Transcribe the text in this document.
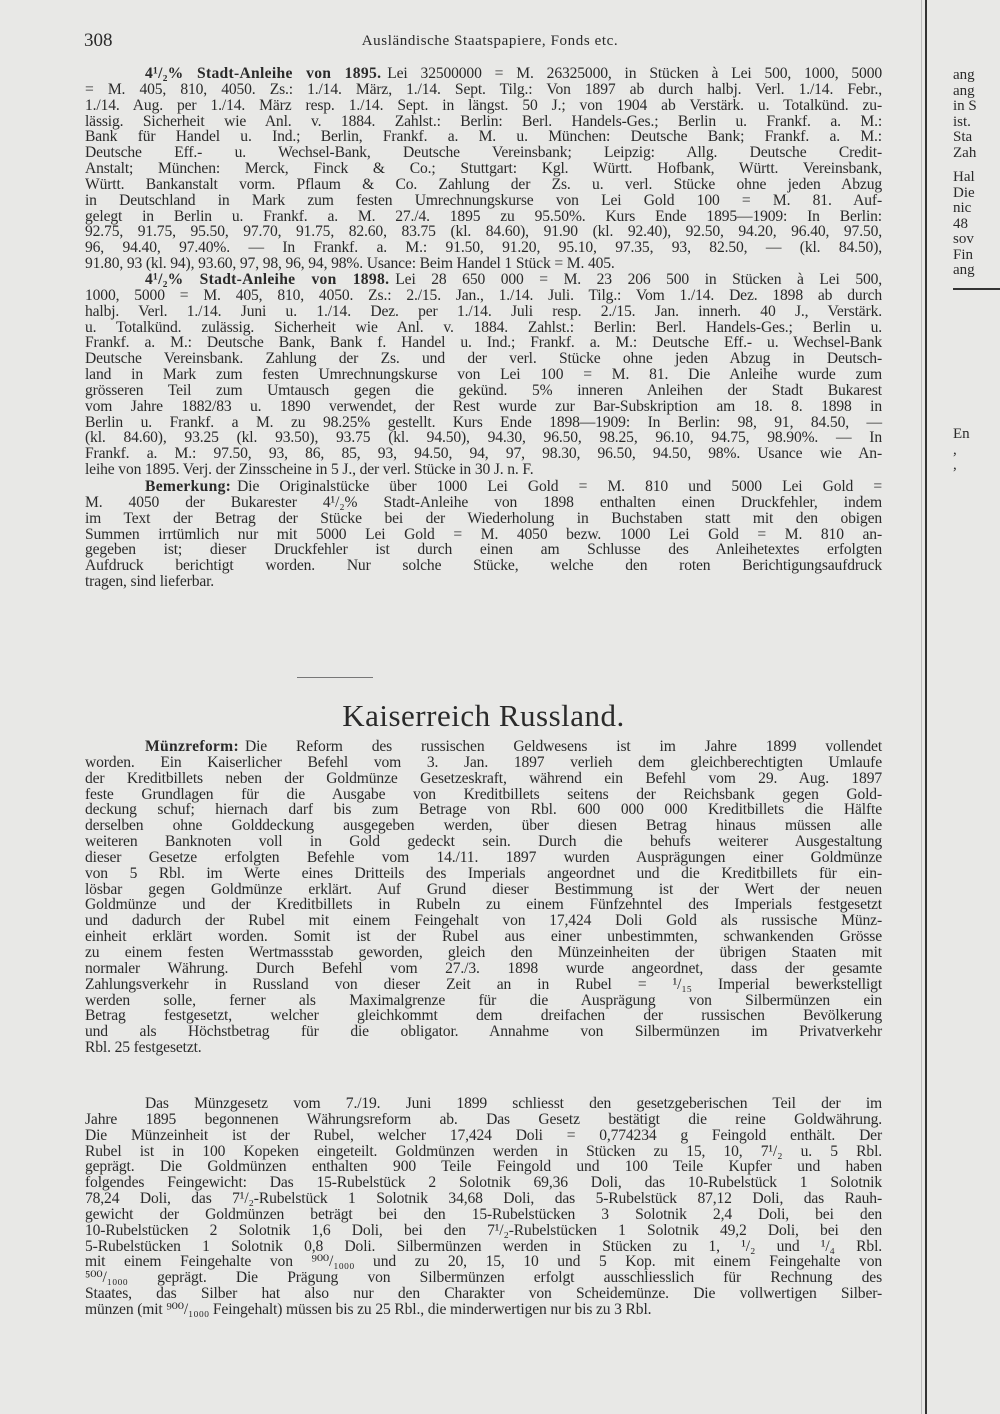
308	Ausländische Staatspapiere, Fonds etc.
4¹/₂% Stadt-Anleihe von 1895. Lei 32500000 = M. 26325000, in Stücken à Lei 500, 1000, 5000
= M. 405, 810, 4050. Zs.: 1./14. März, 1./14. Sept. Tilg.: Von 1897 ab durch halbj. Verl. 1./14. Febr.,
1./14. Aug. per 1./14. März resp. 1./14. Sept. in längst. 50 J.; von 1904 ab Verstärk. u. Totalkünd. zu-
lässig. Sicherheit wie Anl. v. 1884. Zahlst.: Berlin: Berl. Handels-Ges.; Berlin u. Frankf. a. M.:
Bank für Handel u. Ind.; Berlin, Frankf. a. M. u. München: Deutsche Bank; Frankf. a. M.:
Deutsche Eff.- u. Wechsel-Bank, Deutsche Vereinsbank; Leipzig: Allg. Deutsche Credit-
Anstalt; München: Merck, Finck & Co.; Stuttgart: Kgl. Württ. Hofbank, Württ. Vereinsbank,
Württ. Bankanstalt vorm. Pflaum & Co. Zahlung der Zs. u. verl. Stücke ohne jeden Abzug
in Deutschland in Mark zum festen Umrechnungskurse von Lei Gold 100 = M. 81. Auf-
gelegt in Berlin u. Frankf. a. M. 27./4. 1895 zu 95.50%. Kurs Ende 1895—1909: In Berlin:
92.75, 91.75, 95.50, 97.70, 91.75, 82.60, 83.75 (kl. 84.60), 91.90 (kl. 92.40), 92.50, 94.20, 96.40, 97.50,
96, 94.40, 97.40%. — In Frankf. a. M.: 91.50, 91.20, 95.10, 97.35, 93, 82.50, — (kl. 84.50),
91.80, 93 (kl. 94), 93.60, 97, 98, 96, 94, 98%. Usance: Beim Handel 1 Stück = M. 405.
4¹/₂% Stadt-Anleihe von 1898. Lei 28 650 000 = M. 23 206 500 in Stücken à Lei 500,
1000, 5000 = M. 405, 810, 4050. Zs.: 2./15. Jan., 1./14. Juli. Tilg.: Vom 1./14. Dez. 1898 ab durch
halbj. Verl. 1./14. Juni u. 1./14. Dez. per 1./14. Juli resp. 2./15. Jan. innerh. 40 J., Verstärk.
u. Totalkünd. zulässig. Sicherheit wie Anl. v. 1884. Zahlst.: Berlin: Berl. Handels-Ges.; Berlin u.
Frankf. a. M.: Deutsche Bank, Bank f. Handel u. Ind.; Frankf. a. M.: Deutsche Eff.- u. Wechsel-Bank
Deutsche Vereinsbank. Zahlung der Zs. und der verl. Stücke ohne jeden Abzug in Deutsch-
land in Mark zum festen Umrechnungskurse von Lei 100 = M. 81. Die Anleihe wurde zum
grösseren Teil zum Umtausch gegen die gekünd. 5% inneren Anleihen der Stadt Bukarest
vom Jahre 1882/83 u. 1890 verwendet, der Rest wurde zur Bar-Subskription am 18. 8. 1898 in
Berlin u. Frankf. a M. zu 98.25% gestellt. Kurs Ende 1898—1909: In Berlin: 98, 91, 84.50, —
(kl. 84.60), 93.25 (kl. 93.50), 93.75 (kl. 94.50), 94.30, 96.50, 98.25, 96.10, 94.75, 98.90%. — In
Frankf. a. M.: 97.50, 93, 86, 85, 93, 94.50, 94, 97, 98.30, 96.50, 94.50, 98%. Usance wie An-
leihe von 1895. Verj. der Zinsscheine in 5 J., der verl. Stücke in 30 J. n. F.
Bemerkung: Die Originalstücke über 1000 Lei Gold = M. 810 und 5000 Lei Gold =
M. 4050 der Bukarester 4¹/₂% Stadt-Anleihe von 1898 enthalten einen Druckfehler, indem
im Text der Betrag der Stücke bei der Wiederholung in Buchstaben statt mit den obigen
Summen irrtümlich nur mit 5000 Lei Gold = M. 4050 bezw. 1000 Lei Gold = M. 810 an-
gegeben ist; dieser Druckfehler ist durch einen am Schlusse des Anleihetextes erfolgten
Aufdruck berichtigt worden. Nur solche Stücke, welche den roten Berichtigungsaufdruck
tragen, sind lieferbar.
Kaiserreich Russland.
Münzreform: Die Reform des russischen Geldwesens ist im Jahre 1899 vollendet
worden. Ein Kaiserlicher Befehl vom 3. Jan. 1897 verlieh dem gleichberechtigten Umlaufe
der Kreditbillets neben der Goldmünze Gesetzeskraft, während ein Befehl vom 29. Aug. 1897
feste Grundlagen für die Ausgabe von Kreditbillets seitens der Reichsbank gegen Gold-
deckung schuf; hiernach darf bis zum Betrage von Rbl. 600 000 000 Kreditbillets die Hälfte
derselben ohne Golddeckung ausgegeben werden, über diesen Betrag hinaus müssen alle
weiteren Banknoten voll in Gold gedeckt sein. Durch die behufs weiterer Ausgestaltung
dieser Gesetze erfolgten Befehle vom 14./11. 1897 wurden Ausprägungen einer Goldmünze
von 5 Rbl. im Werte eines Dritteils des Imperials angeordnet und die Kreditbillets für ein-
lösbar gegen Goldmünze erklärt. Auf Grund dieser Bestimmung ist der Wert der neuen
Goldmünze und der Kreditbillets in Rubeln zu einem Fünfzehntel des Imperials festgesetzt
und dadurch der Rubel mit einem Feingehalt von 17,424 Doli Gold als russische Münz-
einheit erklärt worden. Somit ist der Rubel aus einer unbestimmten, schwankenden Grösse
zu einem festen Wertmassstab geworden, gleich den Münzeinheiten der übrigen Staaten mit
normaler Währung. Durch Befehl vom 27./3. 1898 wurde angeordnet, dass der gesamte
Zahlungsverkehr in Russland von dieser Zeit an in Rubel = ¹/₁₅ Imperial bewerkstelligt
werden solle, ferner als Maximalgrenze für die Ausprägung von Silbermünzen ein
Betrag festgesetzt, welcher gleichkommt dem dreifachen der russischen Bevölkerung
und als Höchstbetrag für die obligator. Annahme von Silbermünzen im Privatverkehr
Rbl. 25 festgesetzt.
Das Münzgesetz vom 7./19. Juni 1899 schliesst den gesetzgeberischen Teil der im
Jahre 1895 begonnenen Währungsreform ab. Das Gesetz bestätigt die reine Goldwährung.
Die Münzeinheit ist der Rubel, welcher 17,424 Doli = 0,774234 g Feingold enthält. Der
Rubel ist in 100 Kopeken eingeteilt. Goldmünzen werden in Stücken zu 15, 10, 7¹/₂ u. 5 Rbl.
geprägt. Die Goldmünzen enthalten 900 Teile Feingold und 100 Teile Kupfer und haben
folgendes Feingewicht: Das 15-Rubelstück 2 Solotnik 69,36 Doli, das 10-Rubelstück 1 Solotnik
78,24 Doli, das 7¹/₂-Rubelstück 1 Solotnik 34,68 Doli, das 5-Rubelstück 87,12 Doli, das Rauh-
gewicht der Goldmünzen beträgt bei den 15-Rubelstücken 3 Solotnik 2,4 Doli, bei den
10-Rubelstücken 2 Solotnik 1,6 Doli, bei den 7¹/₂-Rubelstücken 1 Solotnik 49,2 Doli, bei den
5-Rubelstücken 1 Solotnik 0,8 Doli. Silbermünzen werden in Stücken zu 1, ¹/₂ und ¹/₄ Rbl.
mit einem Feingehalte von ⁹⁰⁰/₁₀₀₀ und zu 20, 15, 10 und 5 Kop. mit einem Feingehalte von
⁵⁰⁰/₁₀₀₀ geprägt. Die Prägung von Silbermünzen erfolgt ausschliesslich für Rechnung des
Staates, das Silber hat also nur den Charakter von Scheidemünze. Die vollwertigen Silber-
münzen (mit ⁹⁰⁰/₁₀₀₀ Feingehalt) müssen bis zu 25 Rbl., die minderwertigen nur bis zu 3 Rbl.
ang
ang
in S
ist.
Sta
Zah
Hal
Die
nic
48
sov
Fin
ang
En
,
,
